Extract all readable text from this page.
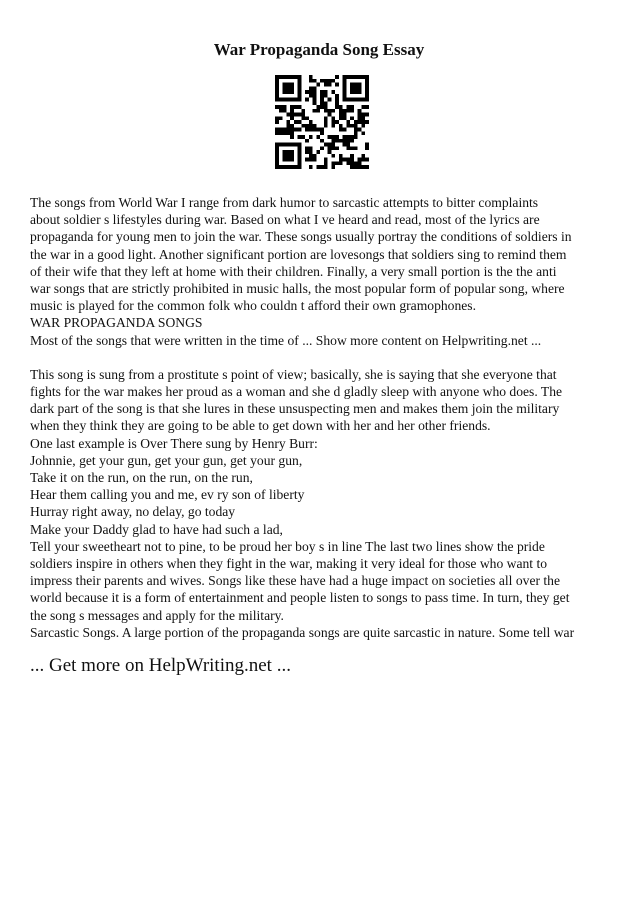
War Propaganda Song Essay
The songs from World War I range from dark humor to sarcastic attempts to bitter complaints
about soldier s lifestyles during war. Based on what I ve heard and read, most of the lyrics are
propaganda for young men to join the war. These songs usually portray the conditions of soldiers in
the war in a good light. Another significant portion are lovesongs that soldiers sing to remind them
of their wife that they left at home with their children. Finally, a very small portion is the the anti
war songs that are strictly prohibited in music halls, the most popular form of popular song, where
music is played for the common folk who couldn t afford their own gramophones.
WAR PROPAGANDA SONGS
Most of the songs that were written in the time of ... Show more content on Helpwriting.net ...
This song is sung from a prostitute s point of view; basically, she is saying that she everyone that
fights for the war makes her proud as a woman and she d gladly sleep with anyone who does. The
dark part of the song is that she lures in these unsuspecting men and makes them join the military
when they think they are going to be able to get down with her and her other friends.
One last example is Over There sung by Henry Burr:
Johnnie, get your gun, get your gun, get your gun,
Take it on the run, on the run, on the run,
Hear them calling you and me, ev ry son of liberty
Hurray right away, no delay, go today
Make your Daddy glad to have had such a lad,
Tell your sweetheart not to pine, to be proud her boy s in line The last two lines show the pride
soldiers inspire in others when they fight in the war, making it very ideal for those who want to
impress their parents and wives. Songs like these have had a huge impact on societies all over the
world because it is a form of entertainment and people listen to songs to pass time. In turn, they get
the song s messages and apply for the military.
Sarcastic Songs. A large portion of the propaganda songs are quite sarcastic in nature. Some tell war

... Get more on HelpWriting.net ...
